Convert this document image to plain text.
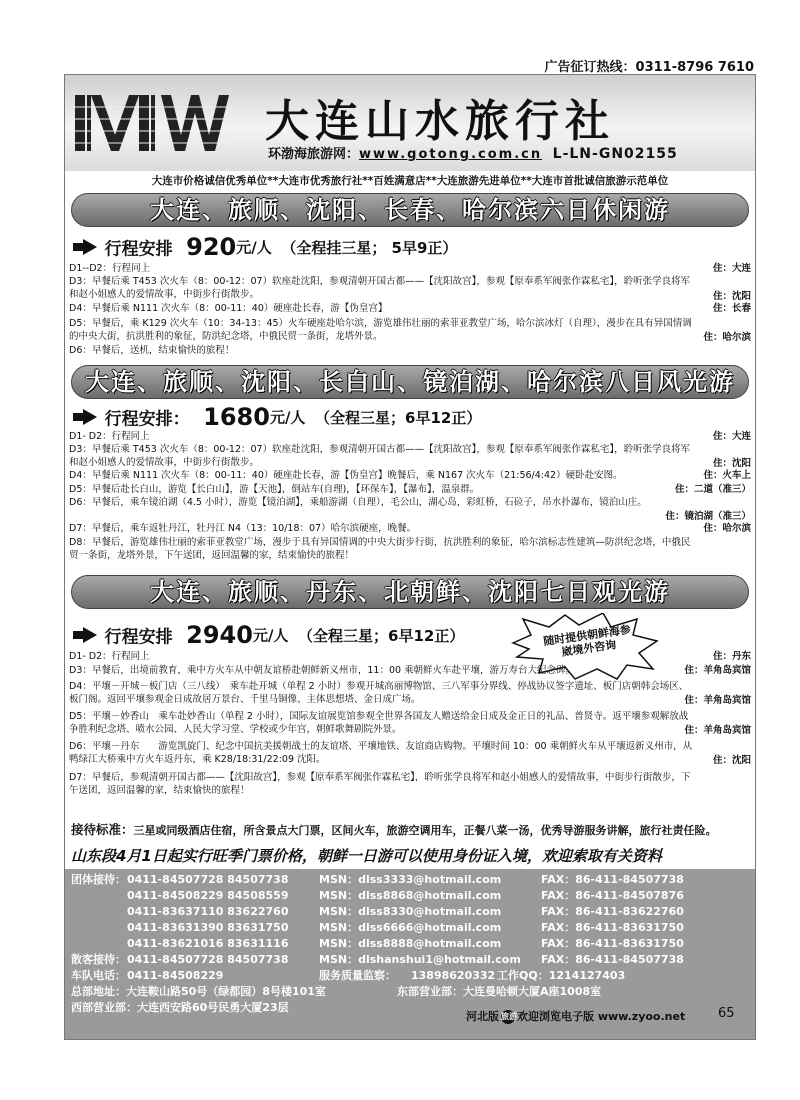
广告征订热线：0311-8796 7610
大连山水旅行社
环渤海旅游网：www.gotong.com.cn L-LN-GN02155
大连市价格诚信优秀单位**大连市优秀旅行社**百姓满意店**大连旅游先进单位**大连市首批诚信旅游示范单位
大连、旅顺、沈阳、长春、哈尔滨六日休闲游
行程安排 920元/人 （全程挂三星； 5早9正）
D1--D2：行程同上	住：大连
D3：早餐后乘 T453 次火车（8：00-12：07）软座赴沈阳，参观清朝开国古都——【沈阳故宫】，参观【原奉系军阀张作霖私宅】，聆听张学良将军和赵小姐感人的爱情故事，中街步行街散步。	住：沈阳
D4：早餐后乘 N111 次火车（8：00-11：40）硬座赴长春，游【伪皇宫】	住：长春
D5：早餐后，乘 K129 次火车（10：34-13：45）火车硬座赴哈尔滨，游览雄伟壮丽的索菲亚教堂广场，哈尔滨冰灯（自理），漫步在具有异国情调的中央大街，抗洪胜利的象征，防洪纪念塔，中俄民贸一条街，龙塔外景。	住：哈尔滨
D6：早餐后，送机，结束愉快的旅程！
大连、旅顺、沈阳、长白山、镜泊湖、哈尔滨八日风光游
行程安排： 1680元/人 （全程三星；6早12正）
D1- D2：行程同上	住：大连
D3：早餐后乘 T453 次火车（8：00-12：07）软座赴沈阳，参观清朝开国古都——【沈阳故宫】，参观【原奉系军阀张作霖私宅】，聆听张学良将军和赵小姐感人的爱情故事，中街步行街散步。	住：沈阳
D4：早餐后乘 N111 次火车（8：00-11：40）硬座赴长春，游【伪皇宫】晚餐后，乘 N167 次火车（21:56/4:42）硬卧赴安图。	住：火车上
D5：早餐后赴长白山，游览【长白山】，游【天池】，倒站车(自理)，【环保车】，【瀑布】，温泉群。	住：二道（准三）
D6：早餐后，乘车镜泊湖（4.5 小时），游览【镜泊湖】，乘船游湖（自理），毛公山，湖心岛，彩虹桥，石砬子，吊水扑瀑布，镜泊山庄。
住：镜泊湖（准三）
D7：早餐后，乘车返牡丹江，牡丹江 N4（13：10/18：07）哈尔滨硬座，晚餐。	住：哈尔滨
D8：早餐后，游览雄伟壮丽的索菲亚教堂广场，漫步于具有异国情调的中央大街步行街，抗洪胜利的象征，哈尔滨标志性建筑—防洪纪念塔，中俄民贸一条街，龙塔外景，下午送团，返回温馨的家，结束愉快的旅程！
大连、旅顺、丹东、北朝鲜、沈阳七日观光游
行程安排 2940元/人 （全程三星；6早12正）	随时提供朝鲜海参崴境外咨询
D1- D2：行程同上	住：丹东
D3：早餐后，出境前教育，乘中方火车从中朝友谊桥赴朝鲜新义州市，11：00 乘朝鲜火车赴平壤，游万寿台大纪念碑。	住：羊角岛宾馆
D4：平壤－开城－板门店（三八线）　乘车赴开城（单程 2 小时）参观开城高丽博物馆、三八军事分界线、停战协议签字遗址、板门店朝韩会场区、板门阁。返回平壤参观金日成故居万景台、千里马铜像、主体思想塔、金日成广场。	住：羊角岛宾馆
D5：平壤－妙香山　乘车赴妙香山（单程 2 小时），国际友谊展览馆参观全世界各国友人赠送给金日成及金正日的礼品、普贤寺。返平壤参观解放战争胜利纪念塔、喷水公园、人民大学习堂、学校或少年宫，朝鲜歌舞剧院外景。	住：羊角岛宾馆
D6：平壤－丹东　　游览凯旋门、纪念中国抗美援朝战士的友谊塔、平壤地铁、友谊商店购物。平壤时间 10：00 乘朝鲜火车从平壤返新义州市，从鸭绿江大桥乘中方火车返丹东，乘 K28/18:31/22:09 沈阳。	住：沈阳
D7：早餐后，参观清朝开国古都——【沈阳故宫】，参观【原奉系军阀张作霖私宅】，聆听张学良将军和赵小姐感人的爱情故事，中街步行街散步，下午送团，返回温馨的家，结束愉快的旅程！
接待标准：三星或同级酒店住宿，所含景点大门票，区间火车，旅游空调用车，正餐八菜一汤，优秀导游服务讲解，旅行社责任险。
山东段4月1日起实行旺季门票价格，朝鲜一日游可以使用身份证入境，欢迎索取有关资料
团体接待： 0411-84507728 84507738	MSN：dlss3333@hotmail.com	FAX：86-411-84507738
0411-84508229 84508559	MSN：dlss8868@hotmail.com	FAX：86-411-84507876
0411-83637110 83622760	MSN：dlss8330@hotmail.com	FAX：86-411-83622760
0411-83631390 83631750	MSN：dlss6666@hotmail.com	FAX：86-411-83631750
0411-83621016 83631116	MSN：dlss8888@hotmail.com	FAX：86-411-83631750
散客接待： 0411-84507728 84507738	MSN：dlshanshui1@hotmail.com FAX：86-411-84507738
车队电话： 0411-84508229	服务质量监察： 13898620332 工作QQ：1214127403
总部地址：大连鞍山路50号（绿都园）8号楼101室	东部营业部：大连曼哈顿大厦A座1008室
西部营业部：大连西安路60号民勇大厦23层
河北版 旅游欢迎浏览电子版 www.zyoo.net	65
